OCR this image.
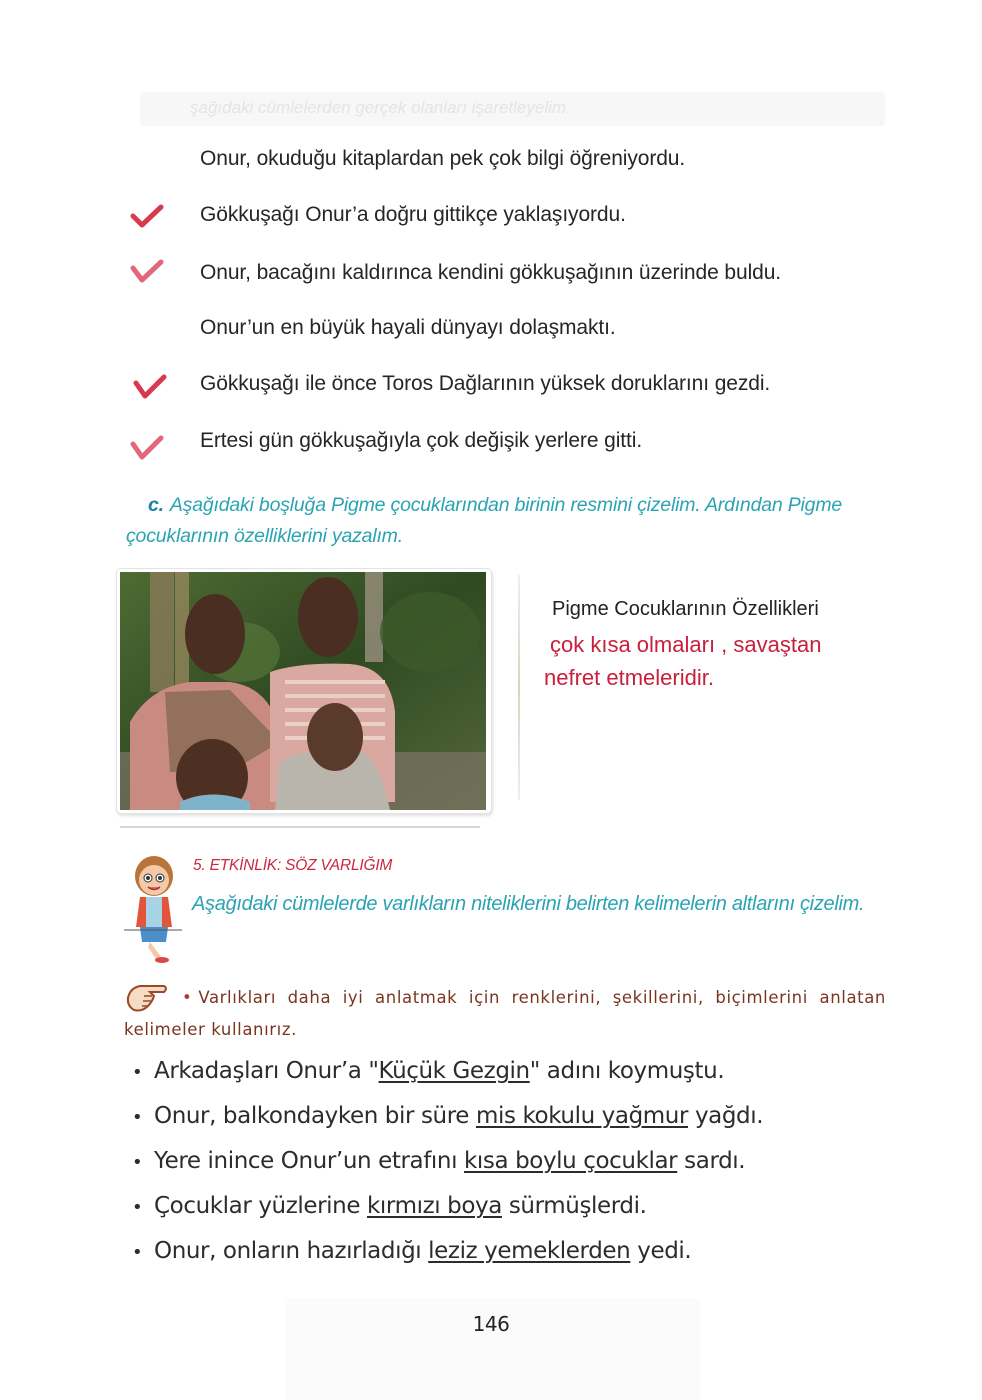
şağıdaki cümlelerden gerçek olanları işaretleyelim.
Onur, okuduğu kitaplardan pek çok bilgi öğreniyordu.
Gökkuşağı Onur’a doğru gittikçe yaklaşıyordu.
Onur, bacağını kaldırınca kendini gökkuşağının üzerinde buldu.
Onur’un en büyük hayali dünyayı dolaşmaktı.
Gökkuşağı ile önce Toros Dağlarının yüksek doruklarını gezdi.
Ertesi gün gökkuşağıyla çok değişik yerlere gitti.
c. Aşağıdaki boşluğa Pigme çocuklarından birinin resmini çizelim. Ardından Pigme çocuklarının özelliklerini yazalım.
Pigme Cocuklarının Özellikleri
çok kısa olmaları , savaştan
nefret etmeleridir.
5. ETKİNLİK: SÖZ VARLIĞIM
Aşağıdaki cümlelerde varlıkların niteliklerini belirten kelimelerin altlarını çizelim.
• Varlıkları daha iyi anlatmak için renklerini, şekillerini, biçimlerini anlatan kelimeler kullanırız.
• Arkadaşları Onur’a "Küçük Gezgin" adını koymuştu.
• Onur, balkondayken bir süre mis kokulu yağmur yağdı.
• Yere inince Onur’un etrafını kısa boylu çocuklar sardı.
• Çocuklar yüzlerine kırmızı boya sürmüşlerdi.
• Onur, onların hazırladığı leziz yemeklerden yedi.
146
